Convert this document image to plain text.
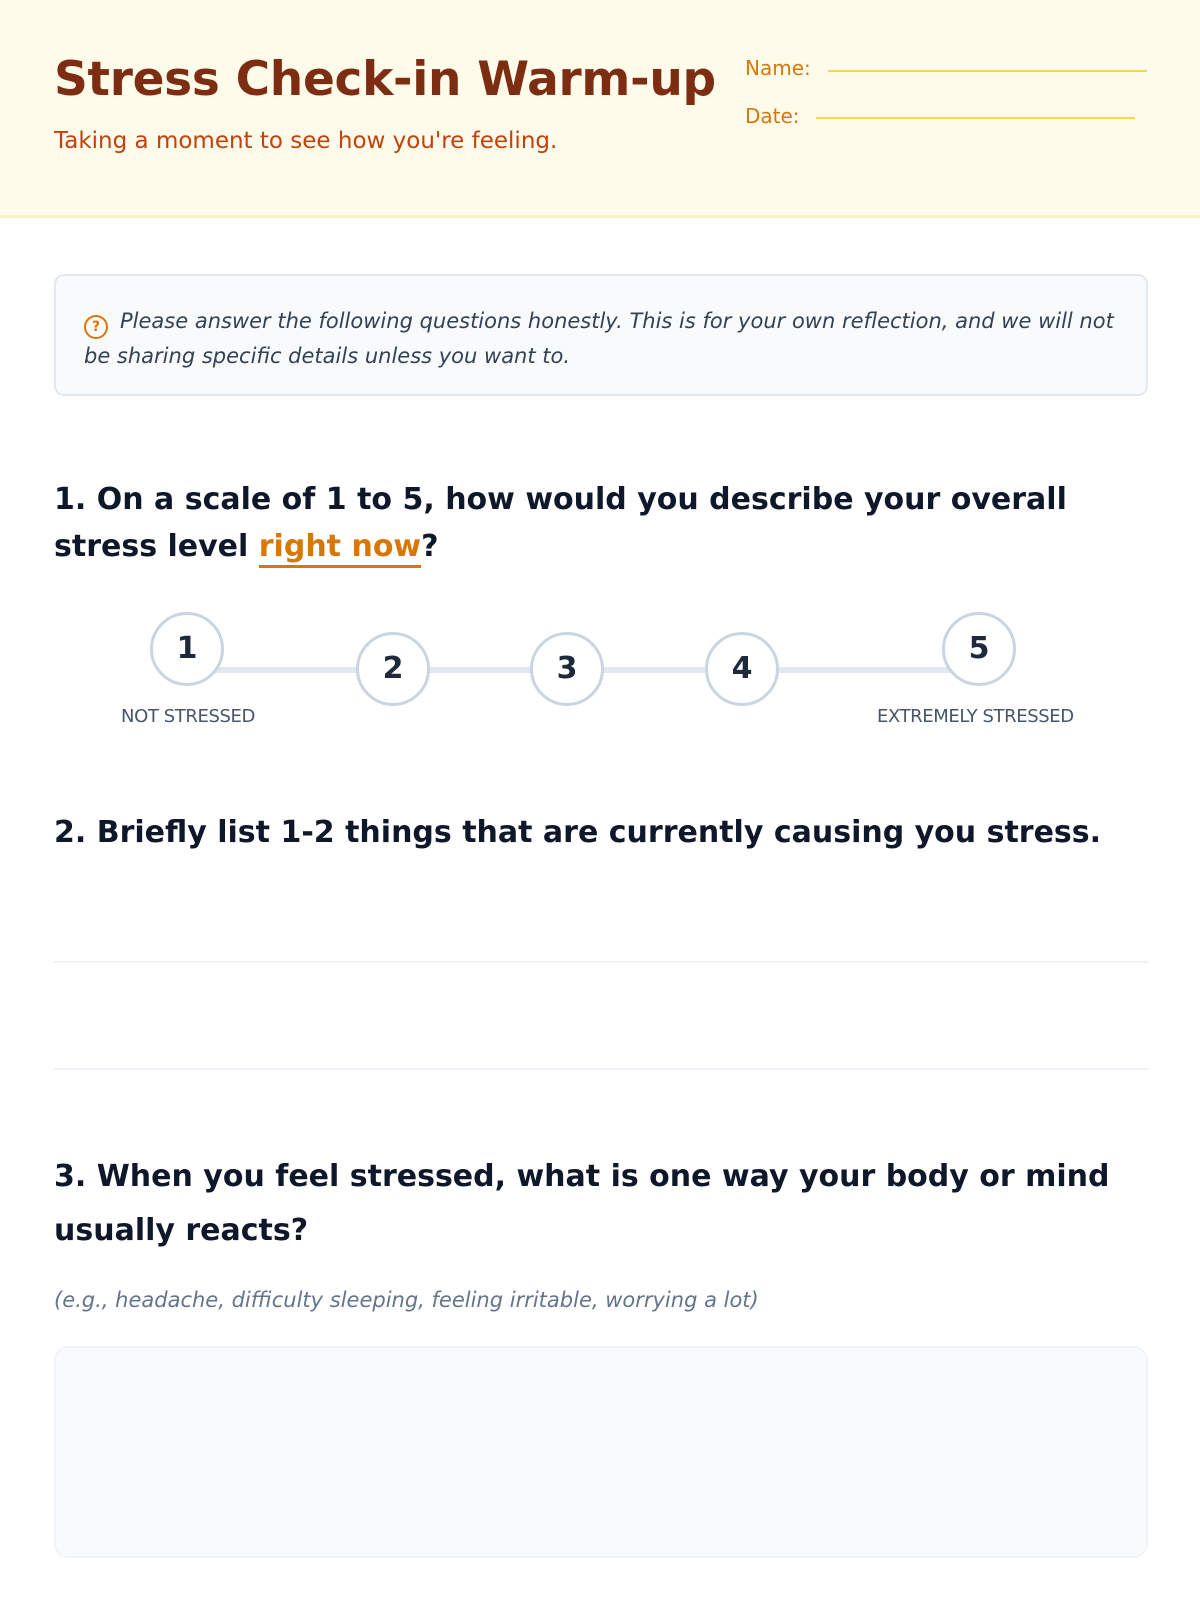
Stress Check-in Warm-up
Taking a moment to see how you're feeling.
Name:
Date:
? Please answer the following questions honestly. This is for your own reflection, and we will not be sharing specific details unless you want to.
1. On a scale of 1 to 5, how would you describe your overall stress level right now?
1
2	3	4
5
NOT STRESSED	EXTREMELY STRESSED
2. Briefly list 1-2 things that are currently causing you stress.
3. When you feel stressed, what is one way your body or mind usually reacts?
(e.g., headache, difficulty sleeping, feeling irritable, worrying a lot)
